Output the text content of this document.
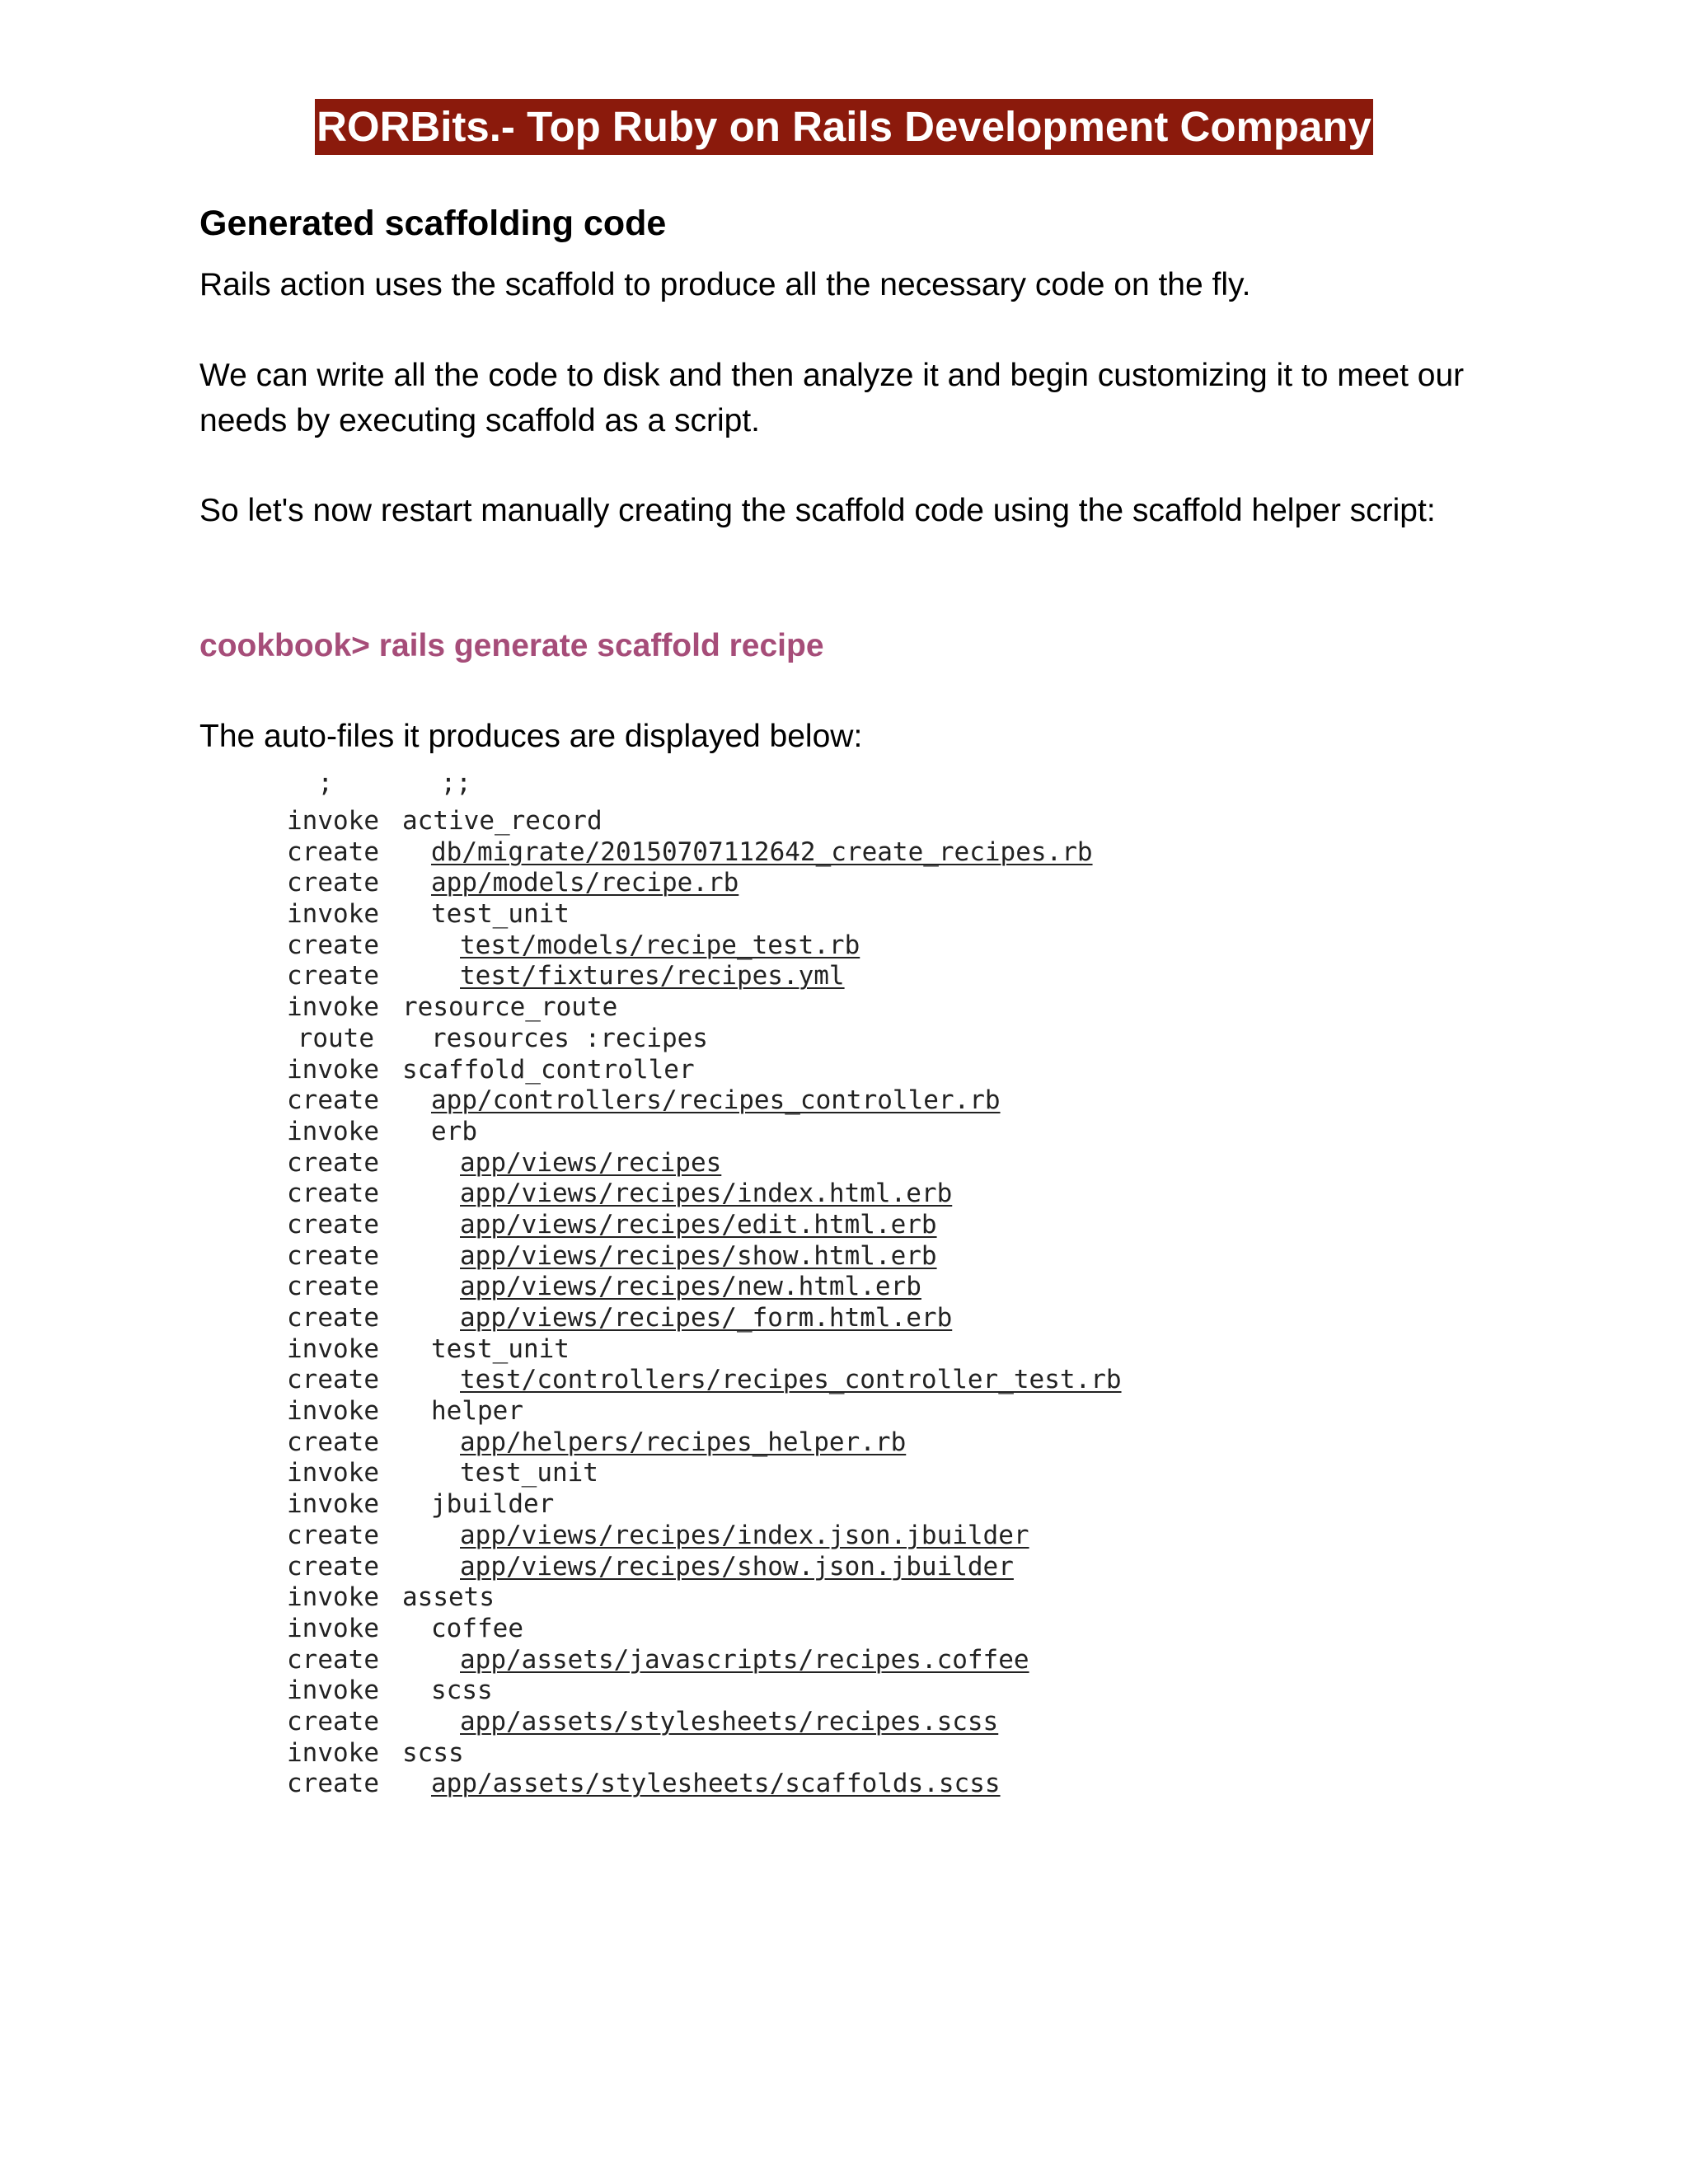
RORBits.- Top Ruby on Rails Development Company
Generated scaffolding code
Rails action uses the scaffold to produce all the necessary code on the fly.
We can write all the code to disk and then analyze it and begin customizing it to meet our needs by executing scaffold as a script.
So let's now restart manually creating the scaffold code using the scaffold helper script:
cookbook> rails generate scaffold recipe
The auto-files it produces are displayed below:
;       ;;
invoke active_record
create	db/migrate/20150707112642_create_recipes.rb
create	app/models/recipe.rb
invoke	test_unit
create	test/models/recipe_test.rb
create	test/fixtures/recipes.yml
invoke resource_route
route	resources :recipes
invoke scaffold_controller
create	app/controllers/recipes_controller.rb
invoke	erb
create	app/views/recipes
create	app/views/recipes/index.html.erb
create	app/views/recipes/edit.html.erb
create	app/views/recipes/show.html.erb
create	app/views/recipes/new.html.erb
create	app/views/recipes/_form.html.erb
invoke	test_unit
create	test/controllers/recipes_controller_test.rb
invoke	helper
create	app/helpers/recipes_helper.rb
invoke	test_unit
invoke	jbuilder
create	app/views/recipes/index.json.jbuilder
create	app/views/recipes/show.json.jbuilder
invoke assets
invoke	coffee
create	app/assets/javascripts/recipes.coffee
invoke	scss
create	app/assets/stylesheets/recipes.scss
invoke scss
create	app/assets/stylesheets/scaffolds.scss
